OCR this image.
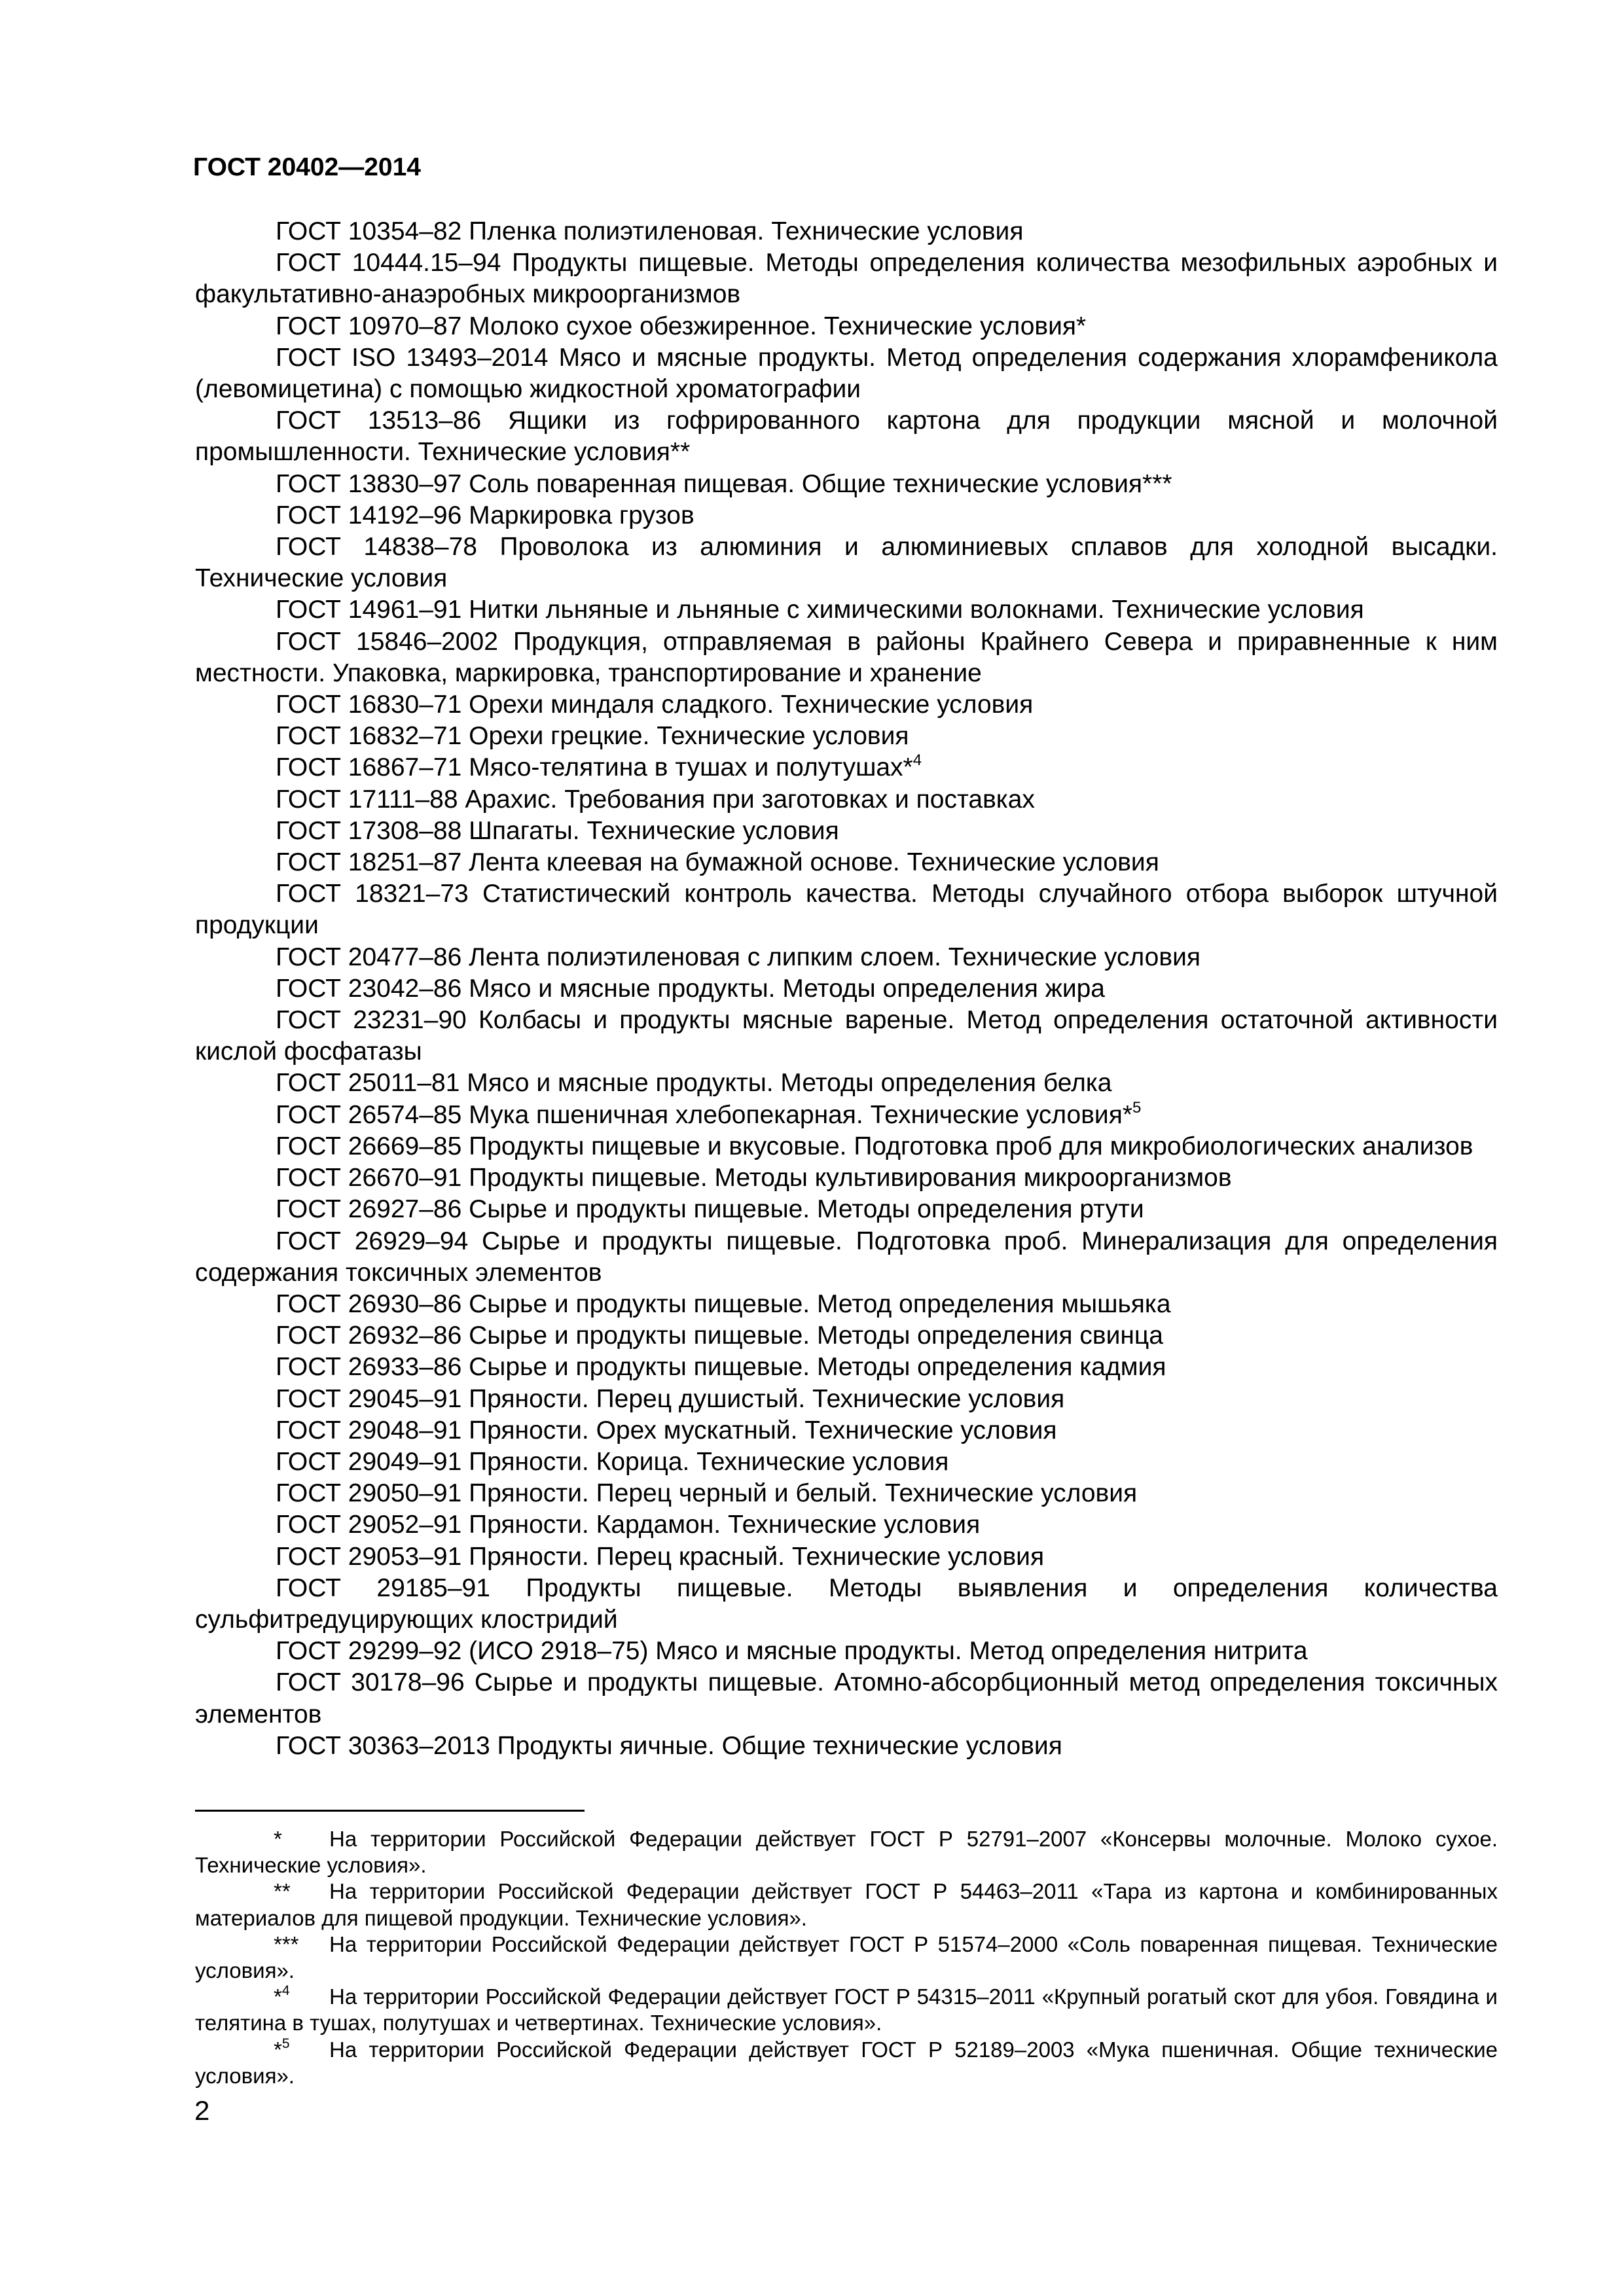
ГОСТ 20402—2014
ГОСТ 10354–82 Пленка полиэтиленовая. Технические условия
ГОСТ 10444.15–94 Продукты пищевые. Методы определения количества мезофильных аэробных и факультативно-анаэробных микроорганизмов
ГОСТ 10970–87 Молоко сухое обезжиренное. Технические условия*
ГОСТ ISO 13493–2014 Мясо и мясные продукты. Метод определения содержания хлорамфеникола (левомицетина) с помощью жидкостной хроматографии
ГОСТ 13513–86 Ящики из гофрированного картона для продукции мясной и молочной промышленности. Технические условия**
ГОСТ 13830–97 Соль поваренная пищевая. Общие технические условия***
ГОСТ 14192–96 Маркировка грузов
ГОСТ 14838–78 Проволока из алюминия и алюминиевых сплавов для холодной высадки. Технические условия
ГОСТ 14961–91 Нитки льняные и льняные с химическими волокнами. Технические условия
ГОСТ 15846–2002 Продукция, отправляемая в районы Крайнего Севера и приравненные к ним местности. Упаковка, маркировка, транспортирование и хранение
ГОСТ 16830–71 Орехи миндаля сладкого. Технические условия
ГОСТ 16832–71 Орехи грецкие. Технические условия
ГОСТ 16867–71 Мясо-телятина в тушах и полутушах*$^4$
ГОСТ 17111–88 Арахис. Требования при заготовках и поставках
ГОСТ 17308–88 Шпагаты. Технические условия
ГОСТ 18251–87 Лента клеевая на бумажной основе. Технические условия
ГОСТ 18321–73 Статистический контроль качества. Методы случайного отбора выборок штучной продукции
ГОСТ 20477–86 Лента полиэтиленовая с липким слоем. Технические условия
ГОСТ 23042–86 Мясо и мясные продукты. Методы определения жира
ГОСТ 23231–90 Колбасы и продукты мясные вареные. Метод определения остаточной активности кислой фосфатазы
ГОСТ 25011–81 Мясо и мясные продукты. Методы определения белка
ГОСТ 26574–85 Мука пшеничная хлебопекарная. Технические условия*$^5$
ГОСТ 26669–85 Продукты пищевые и вкусовые. Подготовка проб для микробиологических анализов
ГОСТ 26670–91 Продукты пищевые. Методы культивирования микроорганизмов
ГОСТ 26927–86 Сырье и продукты пищевые. Методы определения ртути
ГОСТ 26929–94 Сырье и продукты пищевые. Подготовка проб. Минерализация для определения содержания токсичных элементов
ГОСТ 26930–86 Сырье и продукты пищевые. Метод определения мышьяка
ГОСТ 26932–86 Сырье и продукты пищевые. Методы определения свинца
ГОСТ 26933–86 Сырье и продукты пищевые. Методы определения кадмия
ГОСТ 29045–91 Пряности. Перец душистый. Технические условия
ГОСТ 29048–91 Пряности. Орех мускатный. Технические условия
ГОСТ 29049–91 Пряности. Корица. Технические условия
ГОСТ 29050–91 Пряности. Перец черный и белый. Технические условия
ГОСТ 29052–91 Пряности. Кардамон. Технические условия
ГОСТ 29053–91 Пряности. Перец красный. Технические условия
ГОСТ 29185–91 Продукты пищевые. Методы выявления и определения количества сульфитредуцирующих клостридий
ГОСТ 29299–92 (ИСО 2918–75) Мясо и мясные продукты. Метод определения нитрита
ГОСТ 30178–96 Сырье и продукты пищевые. Атомно-абсорбционный метод определения токсичных элементов
ГОСТ 30363–2013 Продукты яичные. Общие технические условия
* На территории Российской Федерации действует ГОСТ Р 52791–2007 «Консервы молочные. Молоко сухое. Технические условия».
** На территории Российской Федерации действует ГОСТ Р 54463–2011 «Тара из картона и комбинированных материалов для пищевой продукции. Технические условия».
*** На территории Российской Федерации действует ГОСТ Р 51574–2000 «Соль поваренная пищевая. Технические условия».
*$^4$ На территории Российской Федерации действует ГОСТ Р 54315–2011 «Крупный рогатый скот для убоя. Говядина и телятина в тушах, полутушах и четвертинах. Технические условия».
*$^5$ На территории Российской Федерации действует ГОСТ Р 52189–2003 «Мука пшеничная. Общие технические условия».
2
